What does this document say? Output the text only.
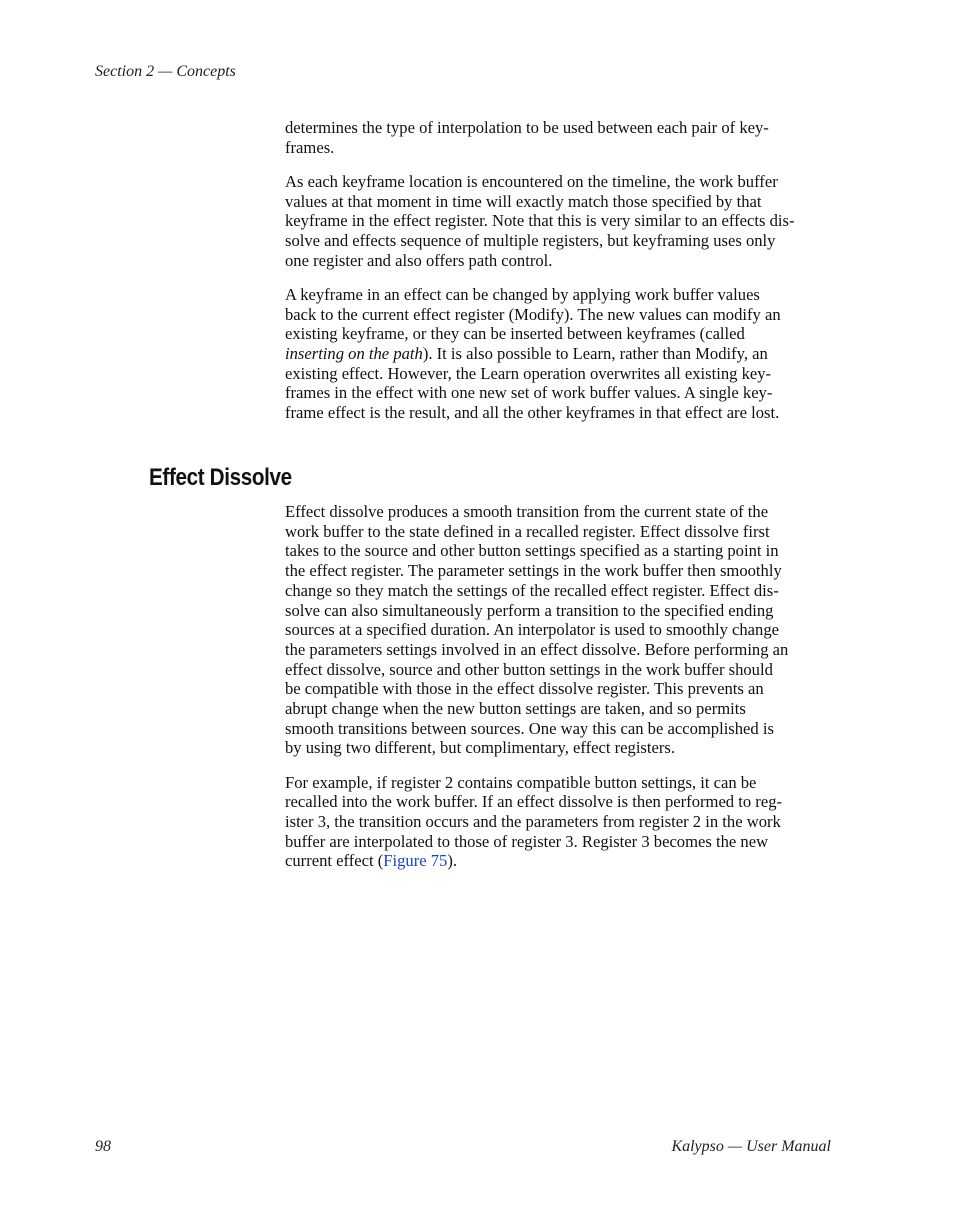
Section 2 — Concepts

determines the type of interpolation to be used between each pair of key-
frames.

As each keyframe location is encountered on the timeline, the work buffer
values at that moment in time will exactly match those specified by that
keyframe in the effect register. Note that this is very similar to an effects dis-
solve and effects sequence of multiple registers, but keyframing uses only
one register and also offers path control.

A keyframe in an effect can be changed by applying work buffer values
back to the current effect register (Modify). The new values can modify an
existing keyframe, or they can be inserted between keyframes (called
inserting on the path). It is also possible to Learn, rather than Modify, an
existing effect. However, the Learn operation overwrites all existing key-
frames in the effect with one new set of work buffer values. A single key-
frame effect is the result, and all the other keyframes in that effect are lost.

Effect Dissolve

Effect dissolve produces a smooth transition from the current state of the
work buffer to the state defined in a recalled register. Effect dissolve first
takes to the source and other button settings specified as a starting point in
the effect register. The parameter settings in the work buffer then smoothly
change so they match the settings of the recalled effect register. Effect dis-
solve can also simultaneously perform a transition to the specified ending
sources at a specified duration. An interpolator is used to smoothly change
the parameters settings involved in an effect dissolve. Before performing an
effect dissolve, source and other button settings in the work buffer should
be compatible with those in the effect dissolve register. This prevents an
abrupt change when the new button settings are taken, and so permits
smooth transitions between sources. One way this can be accomplished is
by using two different, but complimentary, effect registers.

For example, if register 2 contains compatible button settings, it can be
recalled into the work buffer. If an effect dissolve is then performed to reg-
ister 3, the transition occurs and the parameters from register 2 in the work
buffer are interpolated to those of register 3. Register 3 becomes the new
current effect (Figure 75).

98	Kalypso — User Manual
